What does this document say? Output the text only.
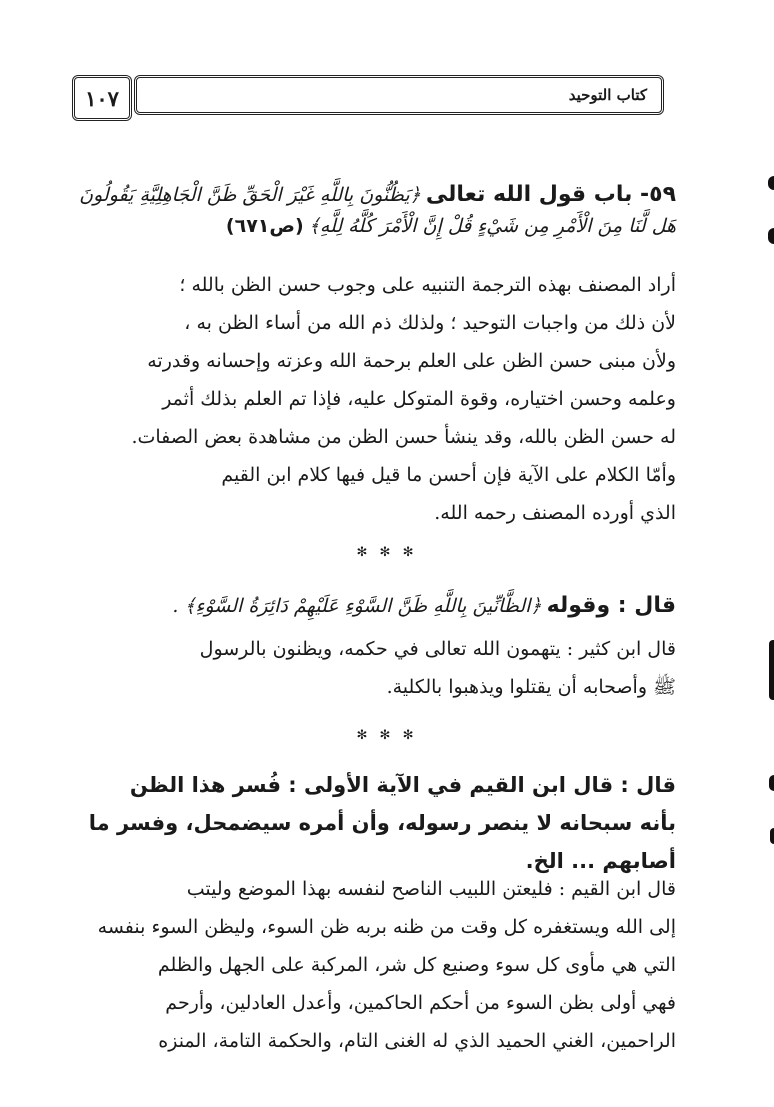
١٠٧	كتاب التوحيد
٥٩- باب قول الله تعالى ﴿يَظُنُّونَ بِاللَّهِ غَيْرَ الْحَقِّ ظَنَّ الْجَاهِلِيَّةِ يَقُولُونَ
هَل لَّنَا مِنَ الْأَمْرِ مِن شَيْءٍ قُلْ إِنَّ الْأَمْرَ كُلَّهُ لِلَّهِ﴾ (ص٦٧١)
أراد المصنف بهذه الترجمة التنبيه على وجوب حسن الظن بالله ؛
لأن ذلك من واجبات التوحيد ؛ ولذلك ذم الله من أساء الظن به ،
ولأن مبنى حسن الظن على العلم برحمة الله وعزته وإحسانه وقدرته
وعلمه وحسن اختياره، وقوة المتوكل عليه، فإذا تم العلم بذلك أثمر
له حسن الظن بالله، وقد ينشأ حسن الظن من مشاهدة بعض الصفات.
وأمّا الكلام على الآية فإن أحسن ما قيل فيها كلام ابن القيم
الذي أورده المصنف رحمه الله.
✻ ✻ ✻
قال : وقوله ﴿الظَّانِّينَ بِاللَّهِ ظَنَّ السَّوْءِ عَلَيْهِمْ دَائِرَةُ السَّوْءِ﴾ .
قال ابن كثير : يتهمون الله تعالى في حكمه، ويظنون بالرسول
ﷺ وأصحابه أن يقتلوا ويذهبوا بالكلية.
✻ ✻ ✻
قال : قال ابن القيم في الآية الأولى : فُسر هذا الظن
بأنه سبحانه لا ينصر رسوله، وأن أمره سيضمحل، وفسر ما
أصابهم ... الخ.
قال ابن القيم : فليعتن اللبيب الناصح لنفسه بهذا الموضع وليتب
إلى الله ويستغفره كل وقت من ظنه بربه ظن السوء، وليظن السوء بنفسه
التي هي مأوى كل سوء وصنيع كل شر، المركبة على الجهل والظلم
فهي أولى بظن السوء من أحكم الحاكمين، وأعدل العادلين، وأرحم
الراحمين، الغني الحميد الذي له الغنى التام، والحكمة التامة، المنزه
